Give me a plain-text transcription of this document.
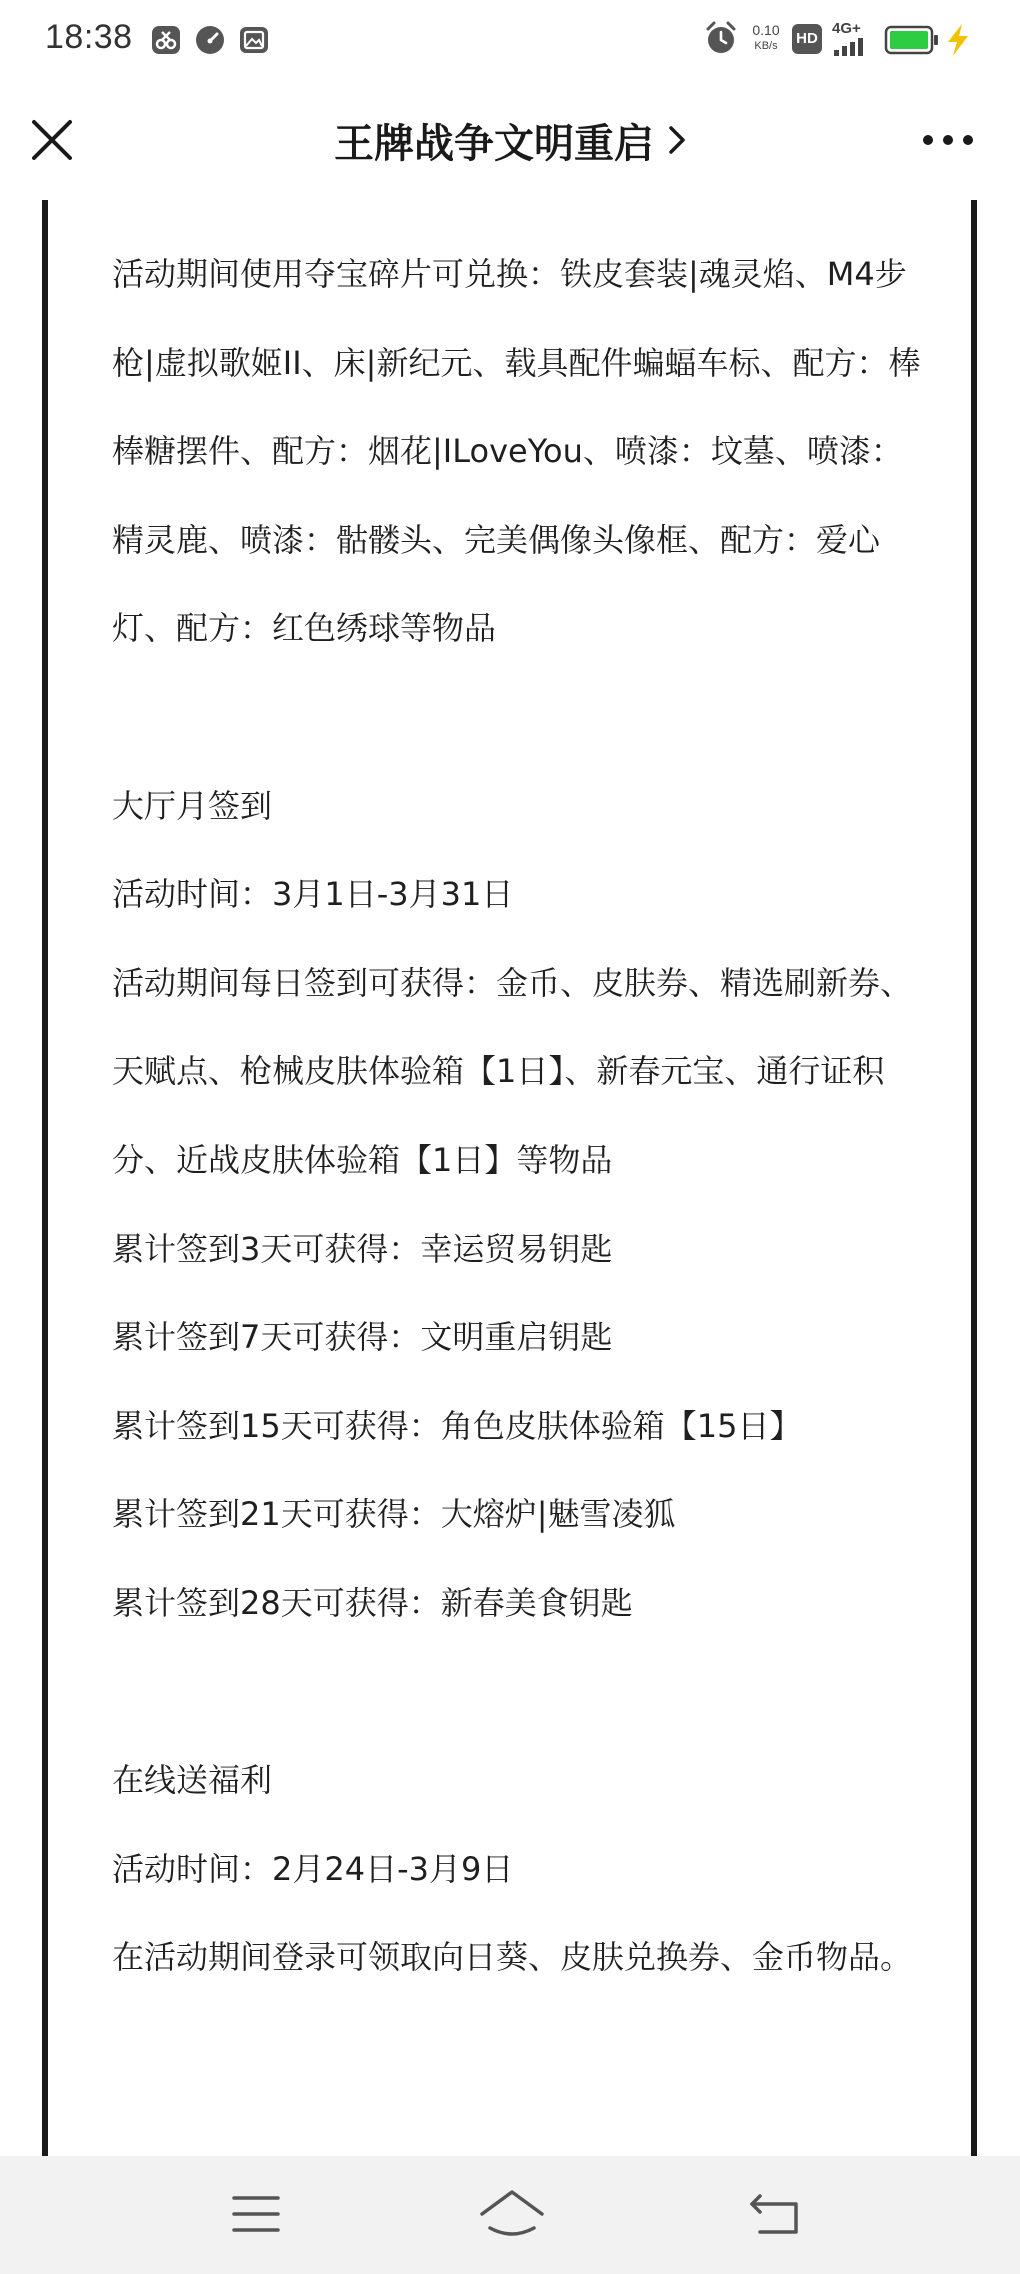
18:38	0.10
KB/s	HD
4G+
王牌战争文明重启

活动期间使用夺宝碎片可兑换：铁皮套装|魂灵焰、M4步枪|虚拟歌姬II、床|新纪元、载具配件蝙蝠车标、配方：棒棒糖摆件、配方：烟花|ILoveYou、喷漆：坟墓、喷漆：精灵鹿、喷漆：骷髅头、完美偶像头像框、配方：爱心灯、配方：红色绣球等物品

大厅月签到

活动时间：3月1日-3月31日

活动期间每日签到可获得：金币、皮肤券、精选刷新券、天赋点、枪械皮肤体验箱【1日】、新春元宝、通行证积分、近战皮肤体验箱【1日】等物品

累计签到3天可获得：幸运贸易钥匙

累计签到7天可获得：文明重启钥匙

累计签到15天可获得：角色皮肤体验箱【15日】

累计签到21天可获得：大熔炉|魅雪凌狐

累计签到28天可获得：新春美食钥匙

在线送福利

活动时间：2月24日-3月9日

在活动期间登录可领取向日葵、皮肤兑换券、金币物品。
